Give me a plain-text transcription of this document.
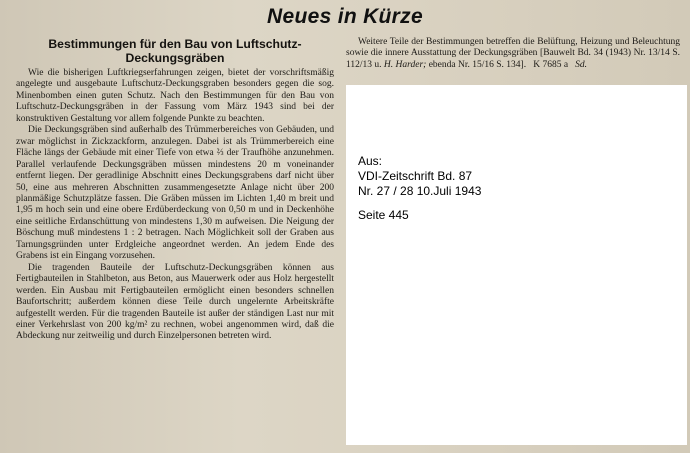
Neues in Kürze
Bestimmungen für den Bau von Luftschutz-
Deckungsgräben

Wie die bisherigen Luftkriegserfahrungen zeigen, bietet der vorschriftsmäßig angelegte und ausgebaute Luftschutz-Deckungsgraben besonders gegen die sog. Minenbomben einen guten Schutz. Nach den Bestimmungen für den Bau von Luftschutz-Deckungsgräben in der Fassung vom März 1943 sind bei der konstruktiven Gestaltung vor allem folgende Punkte zu beachten.

Die Deckungsgräben sind außerhalb des Trümmerbereiches von Gebäuden, und zwar möglichst in Zickzackform, anzulegen. Dabei ist als Trümmerbereich eine Fläche längs der Gebäude mit einer Tiefe von etwa ⅔ der Traufhöhe anzunehmen. Parallel verlaufende Deckungsgräben müssen mindestens 20 m voneinander entfernt liegen. Der geradlinige Abschnitt eines Deckungsgrabens darf nicht über 50, eine aus mehreren Abschnitten zusammengesetzte Anlage nicht über 200 planmäßige Schutzplätze fassen. Die Gräben müssen im Lichten 1,40 m breit und 1,95 m hoch sein und eine obere Erdüberdeckung von 0,50 m und in Deckenhöhe eine seitliche Erdanschüttung von mindestens 1,30 m aufweisen. Die Neigung der Böschung muß mindestens 1 : 2 betragen. Nach Möglichkeit soll der Graben aus Tarnungsgründen unter Erdgleiche angeordnet werden. An jedem Ende des Grabens ist ein Eingang vorzusehen.

Die tragenden Bauteile der Luftschutz-Deckungsgräben können aus Fertigbauteilen in Stahlbeton, aus Beton, aus Mauerwerk oder aus Holz hergestellt werden. Ein Ausbau mit Fertigbauteilen ermöglicht einen besonders schnellen Baufortschritt; außerdem können diese Teile durch ungelernte Arbeitskräfte aufgestellt werden. Für die tragenden Bauteile ist außer der ständigen Last nur mit einer Verkehrslast von 200 kg/m² zu rechnen, wobei angenommen wird, daß die Abdeckung nur zeitweilig und durch Einzelpersonen betreten wird.

Weitere Teile der Bestimmungen betreffen die Belüftung, Heizung und Beleuchtung sowie die innere Ausstattung der Deckungsgräben [Bauwelt Bd. 34 (1943) Nr. 13/14 S. 112/13 u. H. Harder; ebenda Nr. 15/16 S. 134]. K 7685 a Sd.

Aus:
VDI-Zeitschrift Bd. 87
Nr. 27 / 28 10.Juli 1943
Seite 445
